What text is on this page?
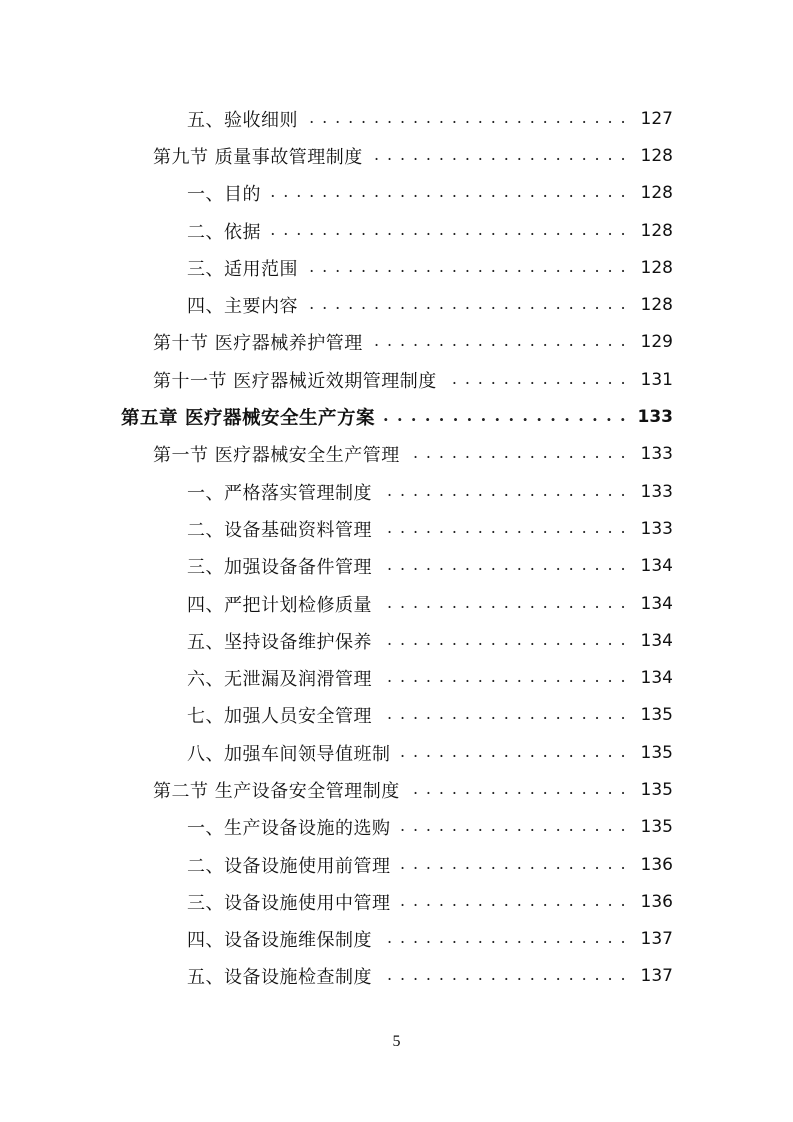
五、验收细则 . . .	127
第九节 质量事故管理制度 . . .	128
一、目的 . . .	128
二、依据 . . .	128
三、适用范围 . . .	128
四、主要内容 . . .	128
第十节 医疗器械养护管理 . . .	129
第十一节 医疗器械近效期管理制度 . . .	131
第五章 医疗器械安全生产方案 . . .	133
第一节 医疗器械安全生产管理 . . .	133
一、严格落实管理制度 . . .	133
二、设备基础资料管理 . . .	133
三、加强设备备件管理 . . .	134
四、严把计划检修质量 . . .	134
五、坚持设备维护保养 . . .	134
六、无泄漏及润滑管理 . . .	134
七、加强人员安全管理 . . .	135
八、加强车间领导值班制 . . .	135
第二节 生产设备安全管理制度 . . .	135
一、生产设备设施的选购 . . .	135
二、设备设施使用前管理 . . .	136
三、设备设施使用中管理 . . .	136
四、设备设施维保制度 . . .	137
五、设备设施检查制度 . . .	137
5
